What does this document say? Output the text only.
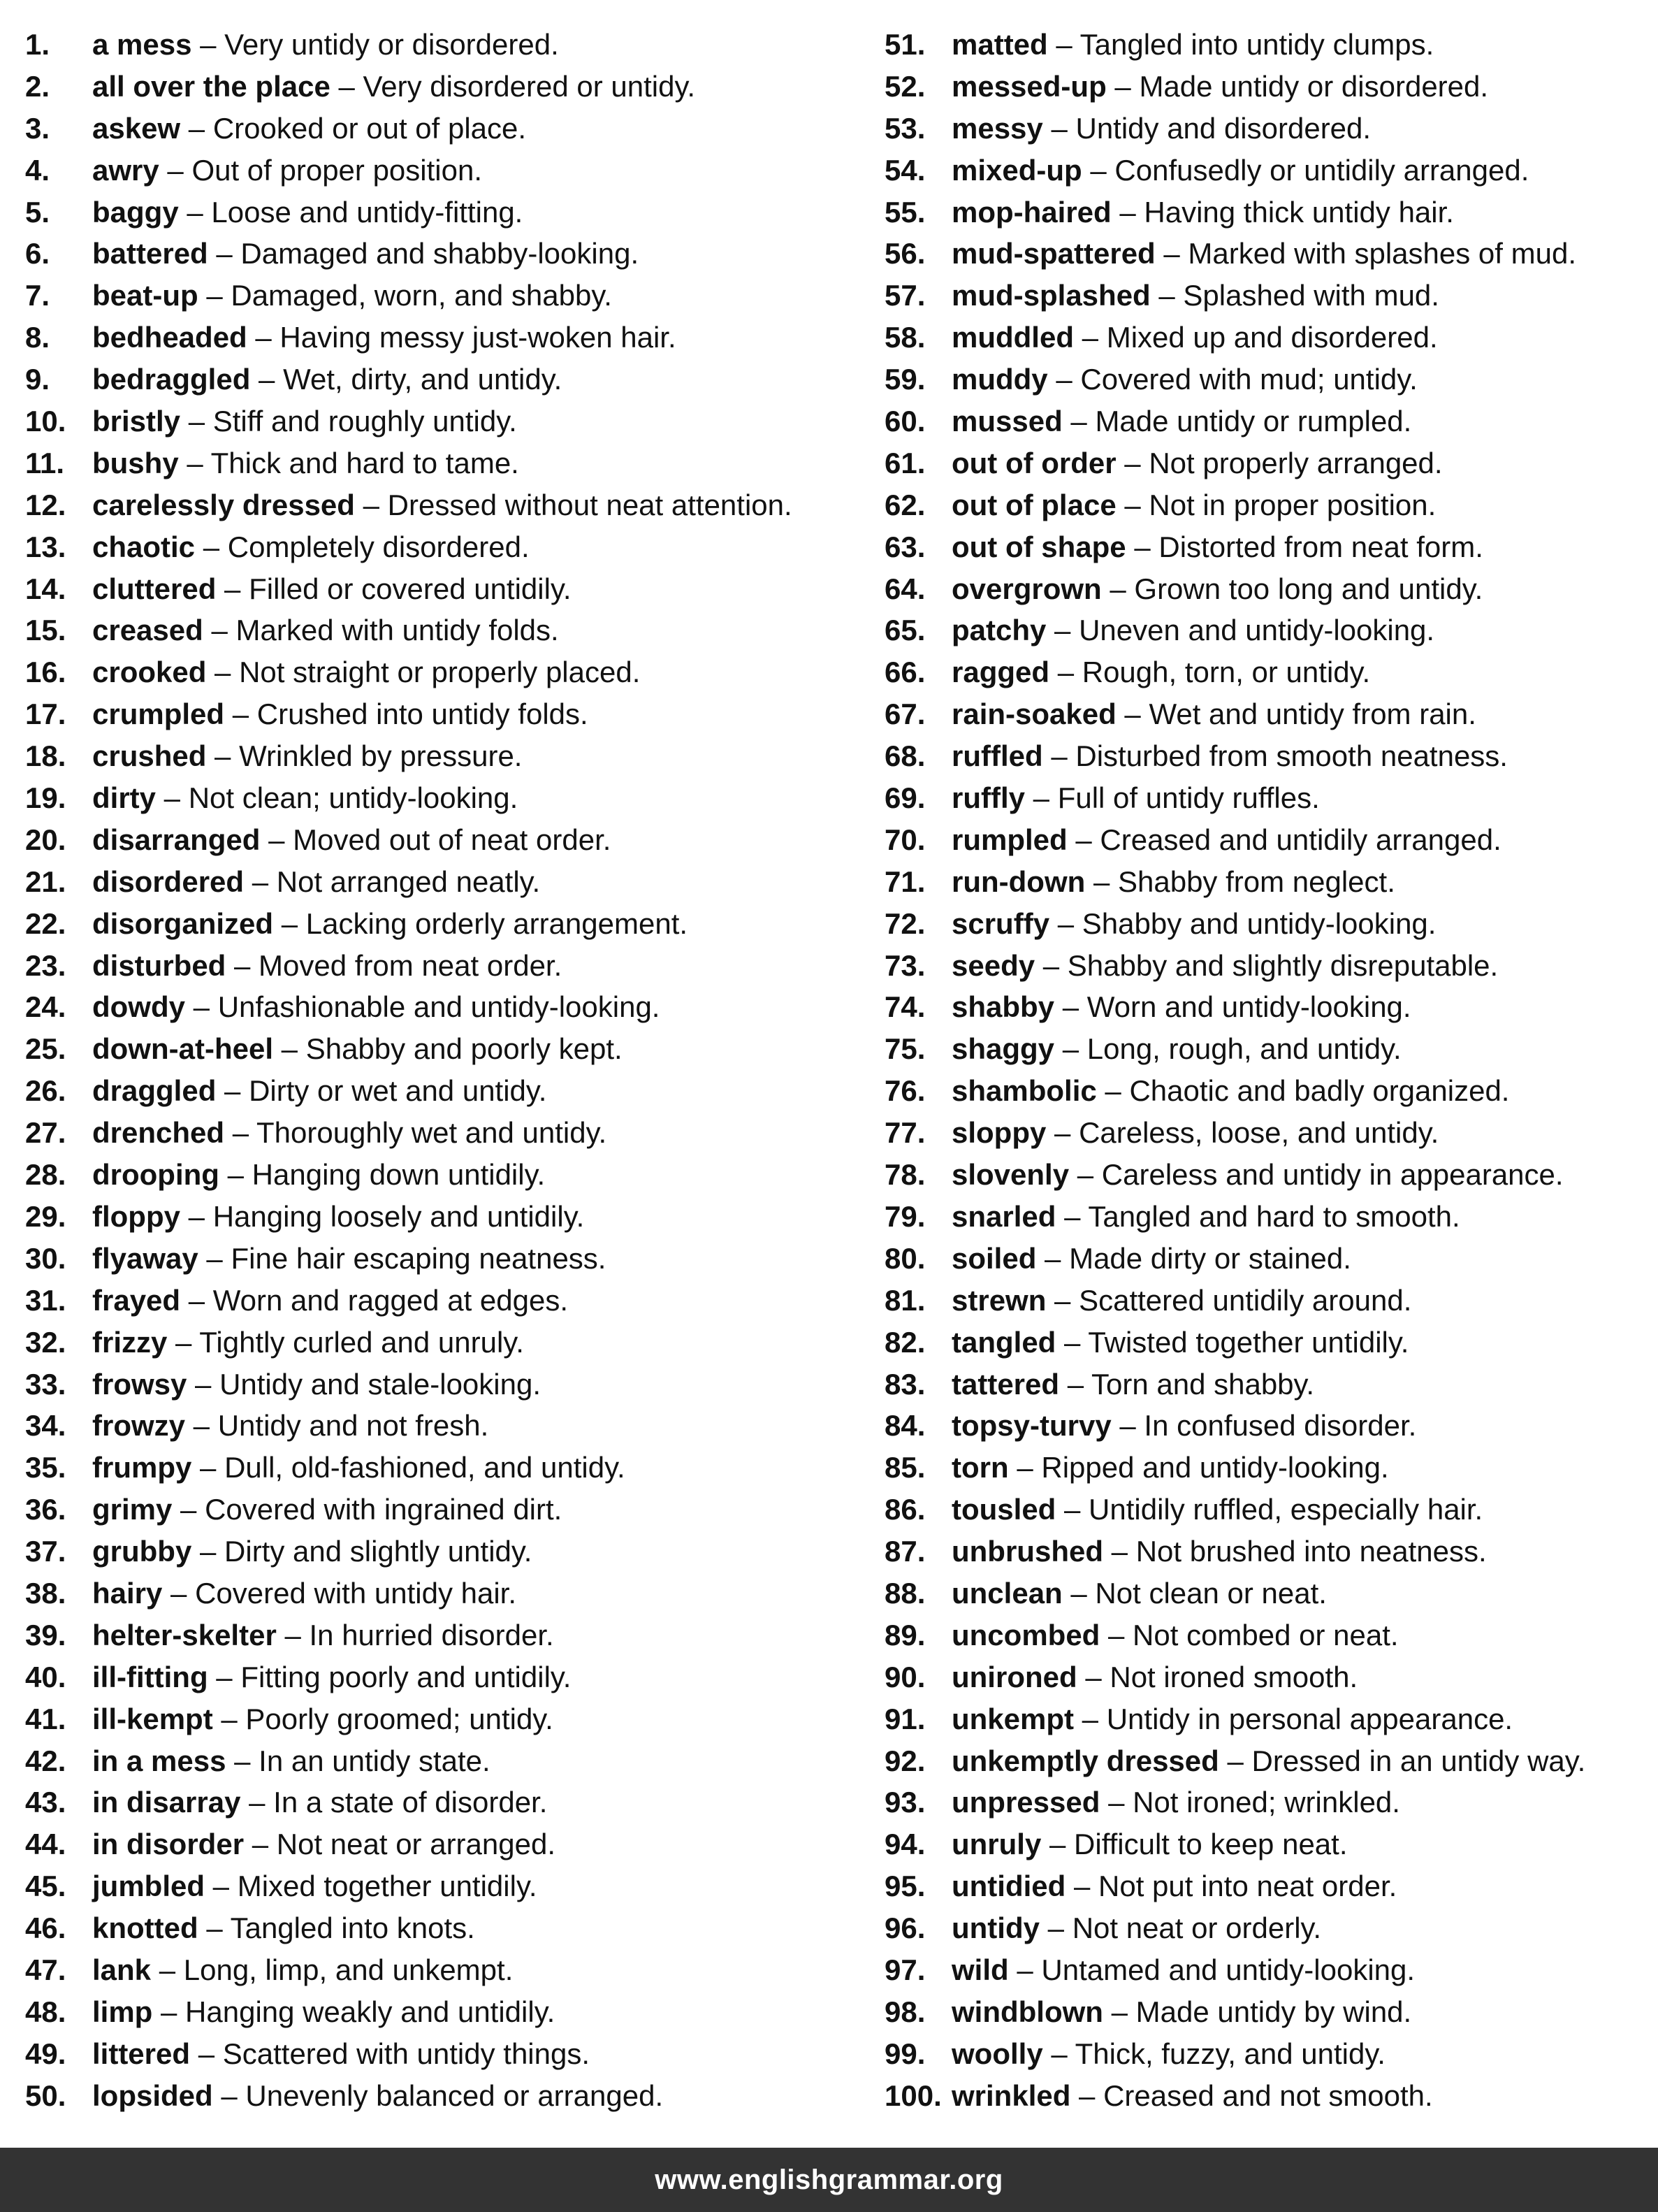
1.	a mess – Very untidy or disordered.
2.	all over the place – Very disordered or untidy.
3.	askew – Crooked or out of place.
4.	awry – Out of proper position.
5.	baggy – Loose and untidy-fitting.
6.	battered – Damaged and shabby-looking.
7.	beat-up – Damaged, worn, and shabby.
8.	bedheaded – Having messy just-woken hair.
9.	bedraggled – Wet, dirty, and untidy.
10. bristly – Stiff and roughly untidy.
11. bushy – Thick and hard to tame.
12. carelessly dressed – Dressed without neat attention.
13. chaotic – Completely disordered.
14. cluttered – Filled or covered untidily.
15. creased – Marked with untidy folds.
16. crooked – Not straight or properly placed.
17. crumpled – Crushed into untidy folds.
18. crushed – Wrinkled by pressure.
19. dirty – Not clean; untidy-looking.
20. disarranged – Moved out of neat order.
21. disordered – Not arranged neatly.
22. disorganized – Lacking orderly arrangement.
23. disturbed – Moved from neat order.
24. dowdy – Unfashionable and untidy-looking.
25. down-at-heel – Shabby and poorly kept.
26. draggled – Dirty or wet and untidy.
27. drenched – Thoroughly wet and untidy.
28. drooping – Hanging down untidily.
29. floppy – Hanging loosely and untidily.
30. flyaway – Fine hair escaping neatness.
31. frayed – Worn and ragged at edges.
32. frizzy – Tightly curled and unruly.
33. frowsy – Untidy and stale-looking.
34. frowzy – Untidy and not fresh.
35. frumpy – Dull, old-fashioned, and untidy.
36. grimy – Covered with ingrained dirt.
37. grubby – Dirty and slightly untidy.
38. hairy – Covered with untidy hair.
39. helter-skelter – In hurried disorder.
40. ill-fitting – Fitting poorly and untidily.
41. ill-kempt – Poorly groomed; untidy.
42. in a mess – In an untidy state.
43. in disarray – In a state of disorder.
44. in disorder – Not neat or arranged.
45. jumbled – Mixed together untidily.
46. knotted – Tangled into knots.
47. lank – Long, limp, and unkempt.
48. limp – Hanging weakly and untidily.
49. littered – Scattered with untidy things.
50. lopsided – Unevenly balanced or arranged.
51. matted – Tangled into untidy clumps.
52. messed-up – Made untidy or disordered.
53. messy – Untidy and disordered.
54. mixed-up – Confusedly or untidily arranged.
55. mop-haired – Having thick untidy hair.
56. mud-spattered – Marked with splashes of mud.
57. mud-splashed – Splashed with mud.
58. muddled – Mixed up and disordered.
59. muddy – Covered with mud; untidy.
60. mussed – Made untidy or rumpled.
61. out of order – Not properly arranged.
62. out of place – Not in proper position.
63. out of shape – Distorted from neat form.
64. overgrown – Grown too long and untidy.
65. patchy – Uneven and untidy-looking.
66. ragged – Rough, torn, or untidy.
67. rain-soaked – Wet and untidy from rain.
68. ruffled – Disturbed from smooth neatness.
69. ruffly – Full of untidy ruffles.
70. rumpled – Creased and untidily arranged.
71. run-down – Shabby from neglect.
72. scruffy – Shabby and untidy-looking.
73. seedy – Shabby and slightly disreputable.
74. shabby – Worn and untidy-looking.
75. shaggy – Long, rough, and untidy.
76. shambolic – Chaotic and badly organized.
77. sloppy – Careless, loose, and untidy.
78. slovenly – Careless and untidy in appearance.
79. snarled – Tangled and hard to smooth.
80. soiled – Made dirty or stained.
81. strewn – Scattered untidily around.
82. tangled – Twisted together untidily.
83. tattered – Torn and shabby.
84. topsy-turvy – In confused disorder.
85. torn – Ripped and untidy-looking.
86. tousled – Untidily ruffled, especially hair.
87. unbrushed – Not brushed into neatness.
88. unclean – Not clean or neat.
89. uncombed – Not combed or neat.
90. unironed – Not ironed smooth.
91. unkempt – Untidy in personal appearance.
92. unkemptly dressed – Dressed in an untidy way.
93. unpressed – Not ironed; wrinkled.
94. unruly – Difficult to keep neat.
95. untidied – Not put into neat order.
96. untidy – Not neat or orderly.
97. wild – Untamed and untidy-looking.
98. windblown – Made untidy by wind.
99. woolly – Thick, fuzzy, and untidy.
100. wrinkled – Creased and not smooth.
www.englishgrammar.org
